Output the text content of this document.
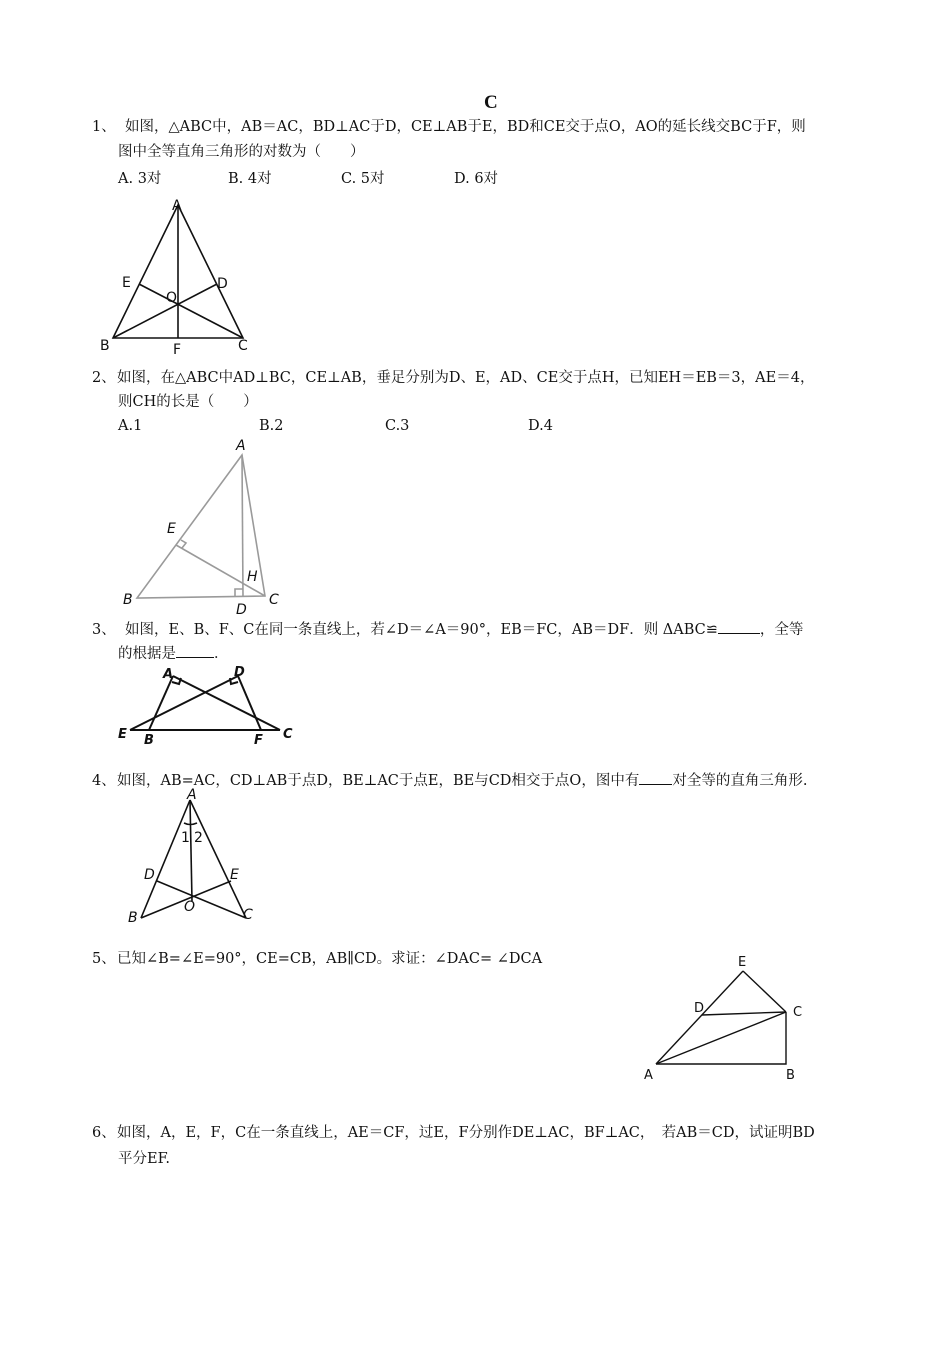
C
1、 如图，△ABC中，AB＝AC，BD⊥AC于D，CE⊥AB于E，BD和CE交于点O，AO的延长线交BC于F，则
图中全等直角三角形的对数为（　　）
A. 3对	B. 4对	C. 5对	D. 6对
A
B	C
D
E
O
F
2、如图，在△ABC中AD⊥BC，CE⊥AB，垂足分别为D、E，AD、CE交于点H，已知EH＝EB＝3，AE＝4，
则CH的长是（　　）
A.1	B.2	C.3	D.4
A
B	C
D
E
H
3、 如图，E、B、F、C在同一条直线上，若∠D＝∠A＝90°，EB＝FC，AB＝DF．则 ΔABC≌	，全等
的根据是	．
A
B	C
D
E	F
4、如图，AB=AC，CD⊥AB于点D，BE⊥AC于点E，BE与CD相交于点O，图中有 对全等的直角三角形.
A
B	C
D	E
O
1 2
5、已知∠B=∠E=90°，CE=CB，AB∥CD。求证：∠DAC= ∠DCA	E
D	C
A	B
6、如图，A，E，F，C在一条直线上，AE＝CF，过E，F分别作DE⊥AC，BF⊥AC，　若AB＝CD，试证明BD
平分EF.
